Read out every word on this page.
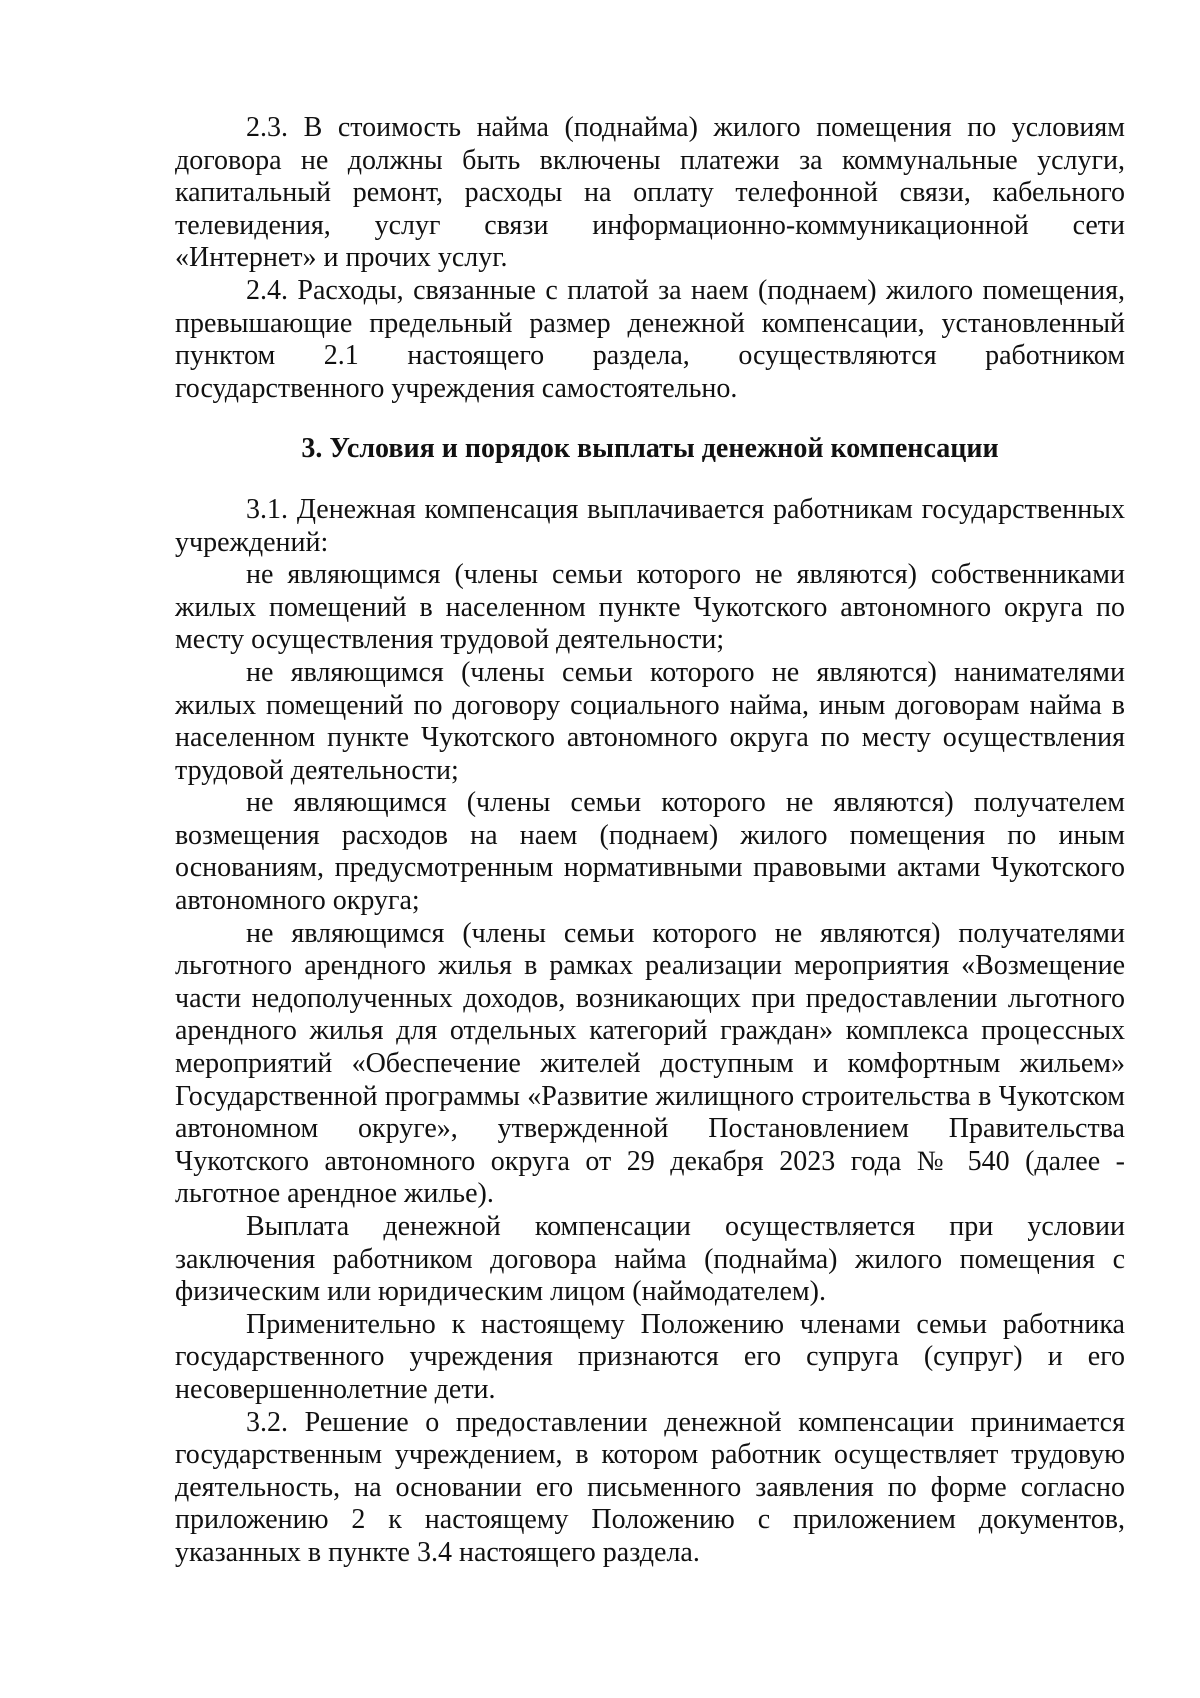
2.3. В стоимость найма (поднайма) жилого помещения по условиям договора не должны быть включены платежи за коммунальные услуги, капитальный ремонт, расходы на оплату телефонной связи, кабельного телевидения, услуг связи информационно-коммуникационной сети «Интернет» и прочих услуг.

2.4. Расходы, связанные с платой за наем (поднаем) жилого помещения, превышающие предельный размер денежной компенсации, установленный пунктом 2.1 настоящего раздела, осуществляются работником государственного учреждения самостоятельно.

3. Условия и порядок выплаты денежной компенсации

3.1. Денежная компенсация выплачивается работникам государственных учреждений:

не являющимся (члены семьи которого не являются) собственниками жилых помещений в населенном пункте Чукотского автономного округа по месту осуществления трудовой деятельности;

не являющимся (члены семьи которого не являются) нанимателями жилых помещений по договору социального найма, иным договорам найма в населенном пункте Чукотского автономного округа по месту осуществления трудовой деятельности;

не являющимся (члены семьи которого не являются) получателем возмещения расходов на наем (поднаем) жилого помещения по иным основаниям, предусмотренным нормативными правовыми актами Чукотского автономного округа;

не являющимся (члены семьи которого не являются) получателями льготного арендного жилья в рамках реализации мероприятия «Возмещение части недополученных доходов, возникающих при предоставлении льготного арендного жилья для отдельных категорий граждан» комплекса процессных мероприятий «Обеспечение жителей доступным и комфортным жильем» Государственной программы «Развитие жилищного строительства в Чукотском автономном округе», утвержденной Постановлением Правительства Чукотского автономного округа от 29 декабря 2023 года № 540 (далее - льготное арендное жилье).

Выплата денежной компенсации осуществляется при условии заключения работником договора найма (поднайма) жилого помещения с физическим или юридическим лицом (наймодателем).

Применительно к настоящему Положению членами семьи работника государственного учреждения признаются его супруга (супруг) и его несовершеннолетние дети.

3.2. Решение о предоставлении денежной компенсации принимается государственным учреждением, в котором работник осуществляет трудовую деятельность, на основании его письменного заявления по форме согласно приложению 2 к настоящему Положению с приложением документов, указанных в пункте 3.4 настоящего раздела.
